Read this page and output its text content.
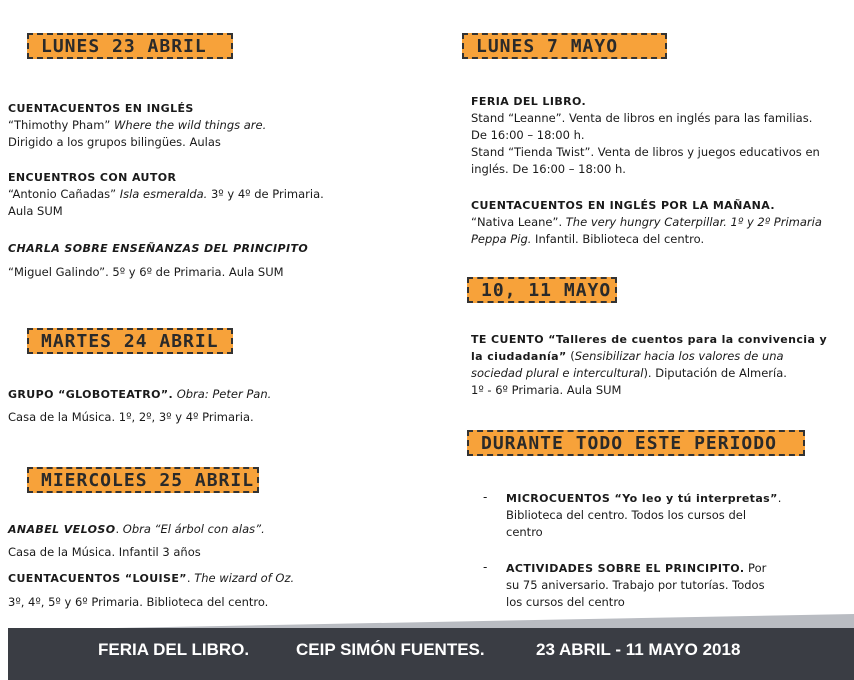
LUNES 23 ABRIL

CUENTACUENTOS EN INGLÉS

“Thimothy Pham” Where the wild things are.

Dirigido a los grupos bilingües. Aulas

ENCUENTROS CON AUTOR

“Antonio Cañadas” Isla esmeralda. 3º y 4º de Primaria.

Aula SUM

CHARLA SOBRE ENSEÑANZAS DEL PRINCIPITO

“Miguel Galindo”. 5º y 6º de Primaria. Aula SUM

MARTES 24 ABRIL

GRUPO “GLOBOTEATRO”. Obra: Peter Pan.

Casa de la Música. 1º, 2º, 3º y 4º Primaria.

MIERCOLES 25 ABRIL

ANABEL VELOSO. Obra “El árbol con alas”.

Casa de la Música. Infantil 3 años

CUENTACUENTOS “LOUISE”. The wizard of Oz.

3º, 4º, 5º y 6º Primaria. Biblioteca del centro.

LUNES 7 MAYO

FERIA DEL LIBRO.

Stand “Leanne”. Venta de libros en inglés para las familias.

De 16:00 – 18:00 h.

Stand “Tienda Twist”. Venta de libros y juegos educativos en

inglés. De 16:00 – 18:00 h.

CUENTACUENTOS EN INGLÉS POR LA MAÑANA.

“Nativa Leane”. The very hungry Caterpillar. 1º y 2º Primaria

Peppa Pig. Infantil. Biblioteca del centro.

10, 11 MAYO

TE CUENTO “Talleres de cuentos para la convivencia y

la ciudadanía” (Sensibilizar hacia los valores de una

sociedad plural e intercultural). Diputación de Almería.

1º - 6º Primaria. Aula SUM

DURANTE TODO ESTE PERIODO
- MICROCUENTOS “Yo leo y tú interpretas”.

Biblioteca del centro. Todos los cursos del

centro

- ACTIVIDADES SOBRE EL PRINCIPITO. Por

su 75 aniversario. Trabajo por tutorías. Todos

los cursos del centro

FERIA DEL LIBRO.	CEIP SIMÓN FUENTES.	23 ABRIL - 11 MAYO 2018
